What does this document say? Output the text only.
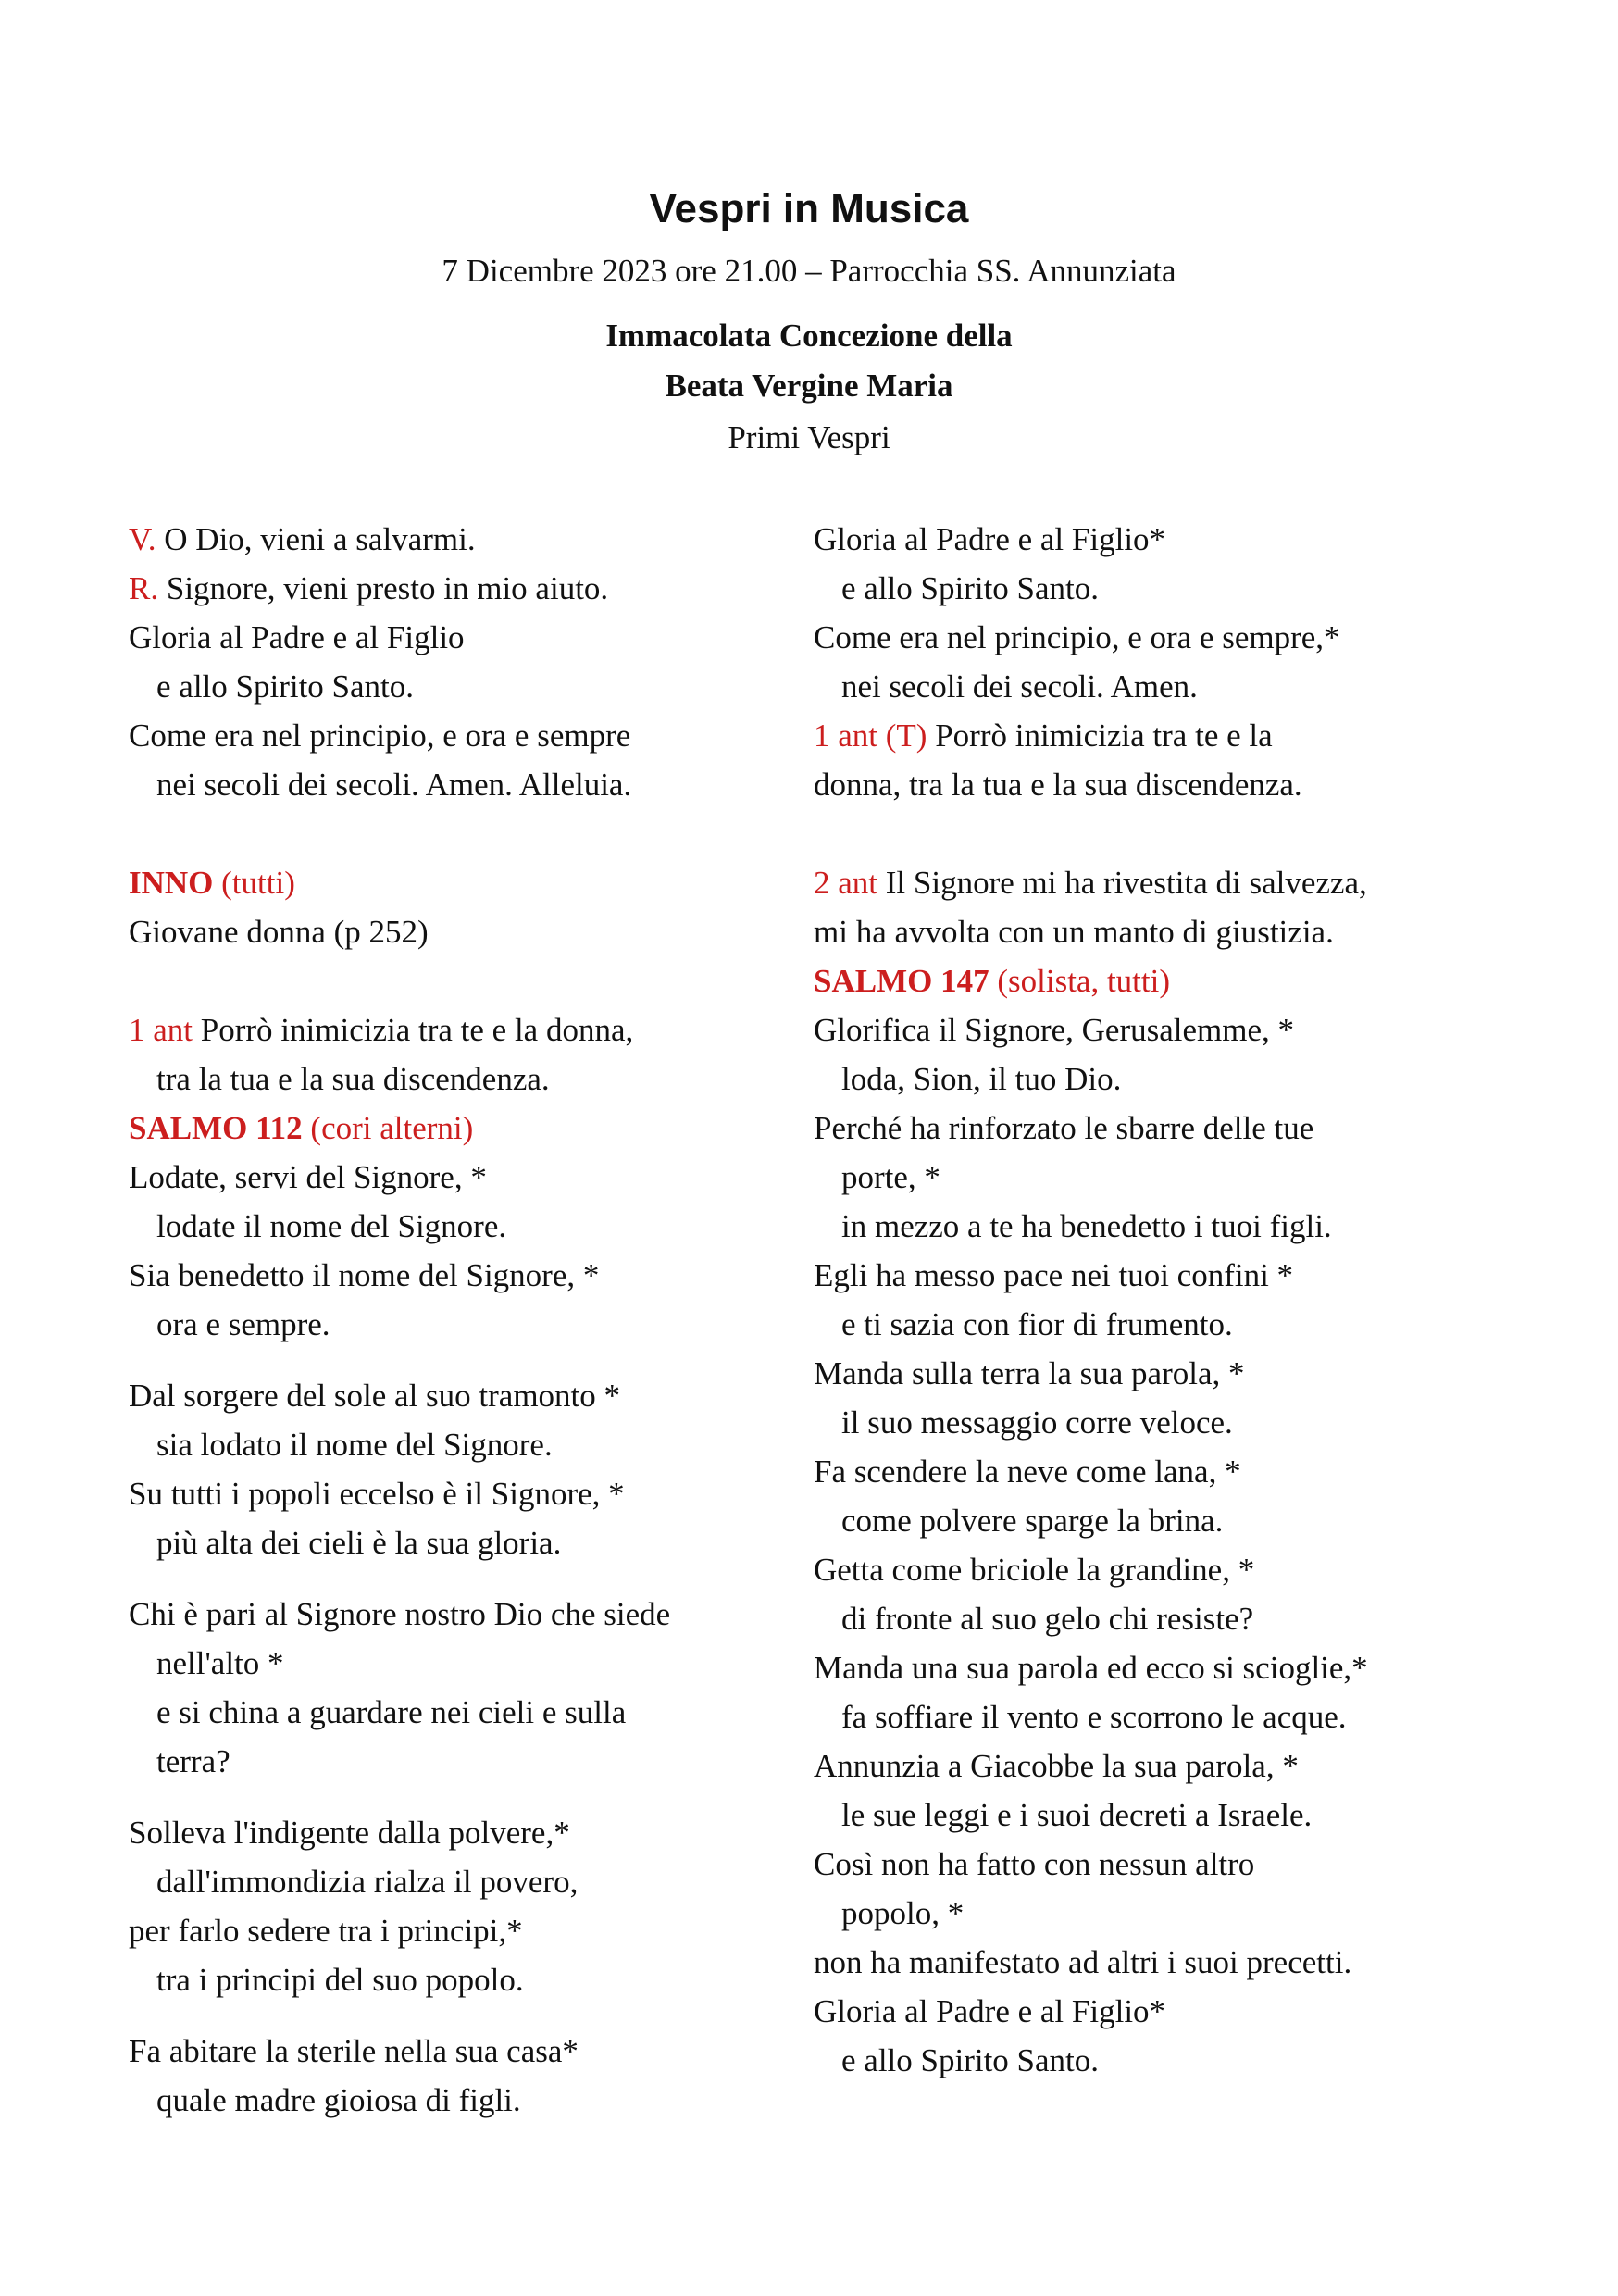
Vespri in Musica
7 Dicembre 2023 ore 21.00 – Parrocchia SS. Annunziata
Immacolata Concezione della
Beata Vergine Maria
Primi Vespri
V. O Dio, vieni a salvarmi.
R. Signore, vieni presto in mio aiuto.
Gloria al Padre e al Figlio
e allo Spirito Santo.
Come era nel principio, e ora e sempre
nei secoli dei secoli. Amen. Alleluia.
INNO (tutti)
Giovane donna (p 252)
1 ant Porrò inimicizia tra te e la donna,
tra la tua e la sua discendenza.
SALMO 112 (cori alterni)
Lodate, servi del Signore, *
lodate il nome del Signore.
Sia benedetto il nome del Signore, *
ora e sempre.
Dal sorgere del sole al suo tramonto *
sia lodato il nome del Signore.
Su tutti i popoli eccelso è il Signore, *
più alta dei cieli è la sua gloria.
Chi è pari al Signore nostro Dio che siede
nell'alto *
e si china a guardare nei cieli e sulla
terra?
Solleva l'indigente dalla polvere,*
dall'immondizia rialza il povero,
per farlo sedere tra i principi,*
tra i principi del suo popolo.
Fa abitare la sterile nella sua casa*
quale madre gioiosa di figli.
Gloria al Padre e al Figlio*
e allo Spirito Santo.
Come era nel principio, e ora e sempre,*
nei secoli dei secoli. Amen.
1 ant (T) Porrò inimicizia tra te e la
donna, tra la tua e la sua discendenza.
2 ant Il Signore mi ha rivestita di salvezza,
mi ha avvolta con un manto di giustizia.
SALMO 147 (solista, tutti)
Glorifica il Signore, Gerusalemme, *
loda, Sion, il tuo Dio.
Perché ha rinforzato le sbarre delle tue
porte, *
in mezzo a te ha benedetto i tuoi figli.
Egli ha messo pace nei tuoi confini *
e ti sazia con fior di frumento.
Manda sulla terra la sua parola, *
il suo messaggio corre veloce.
Fa scendere la neve come lana, *
come polvere sparge la brina.
Getta come briciole la grandine, *
di fronte al suo gelo chi resiste?
Manda una sua parola ed ecco si scioglie,*
fa soffiare il vento e scorrono le acque.
Annunzia a Giacobbe la sua parola, *
le sue leggi e i suoi decreti a Israele.
Così non ha fatto con nessun altro
popolo, *
non ha manifestato ad altri i suoi precetti.
Gloria al Padre e al Figlio*
e allo Spirito Santo.
